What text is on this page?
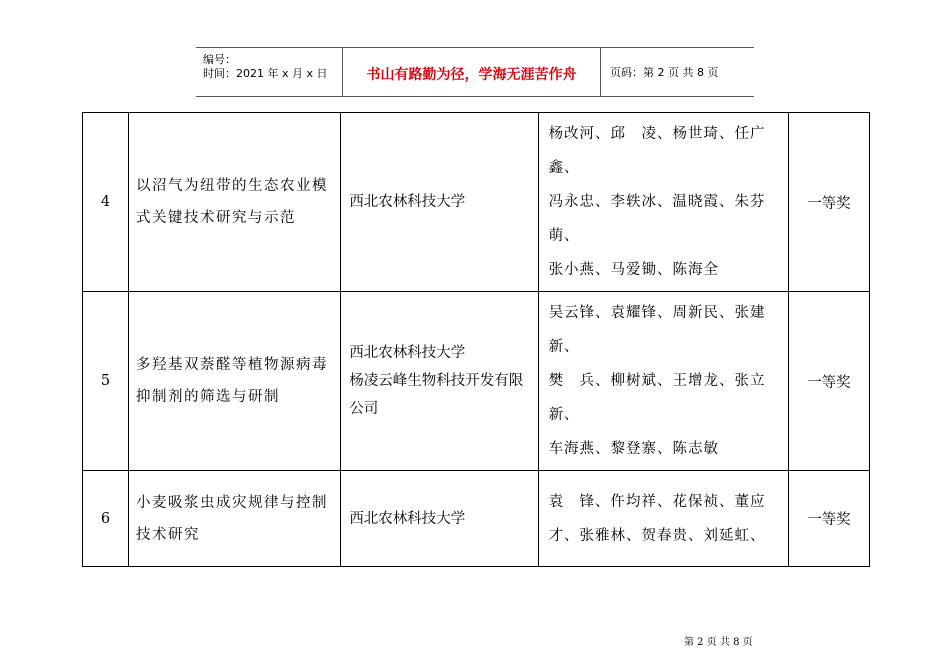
编号：
时间：2021 年 x 月 x 日	书山有路勤为径，学海无涯苦作舟	页码：第 2 页 共 8 页
4	以沼气为纽带的生态农业模式关键技术研究与示范	西北农林科技大学	杨改河、邱　凌、杨世琦、任广鑫、
冯永忠、李轶冰、温晓霞、朱芬萌、
张小燕、马爱锄、陈海全	一等奖
5	多羟基双萘醛等植物源病毒抑制剂的筛选与研制	西北农林科技大学
杨凌云峰生物科技开发有限公司	吴云锋、袁耀锋、周新民、张建新、
樊　兵、柳树斌、王增龙、张立新、
车海燕、黎登寨、陈志敏	一等奖
6	小麦吸浆虫成灾规律与控制技术研究	西北农林科技大学	袁　锋、仵均祥、花保祯、董应才、张雅林、贺春贵、刘延虹、	一等奖
第 2 页 共 8 页
